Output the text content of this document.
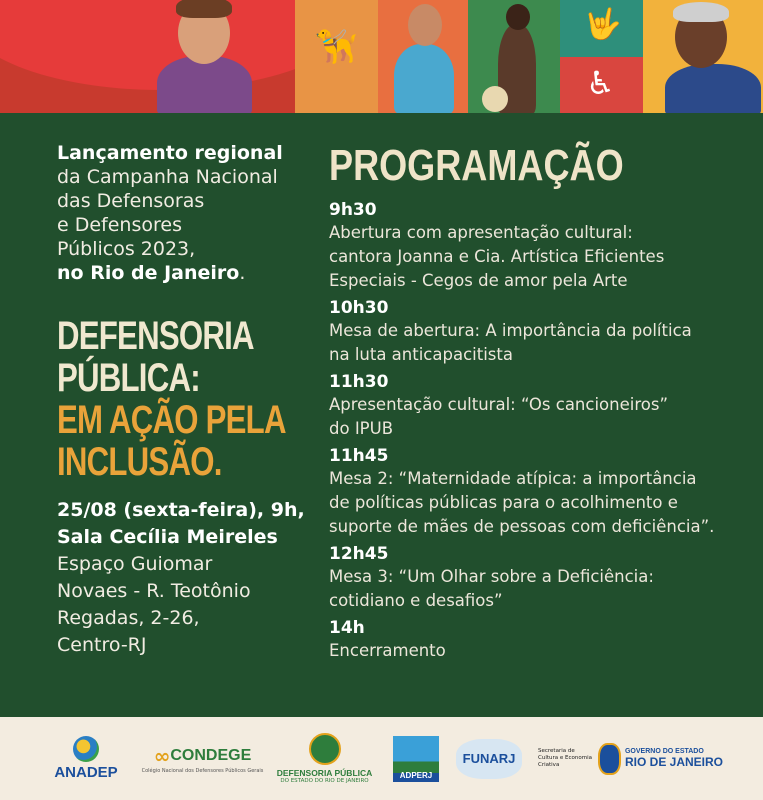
🦮
🤟
♿
Lançamento regional
da Campanha Nacional
das Defensoras
e Defensores
Públicos 2023,
no Rio de Janeiro.
DEFENSORIA
PÚBLICA:
EM AÇÃO PELA
INCLUSÃO.
25/08 (sexta-feira), 9h,
Sala Cecília Meireles
Espaço Guiomar
Novaes - R. Teotônio
Regadas, 2-26,
Centro-RJ
PROGRAMAÇÃO
9h30
Abertura com apresentação cultural:
cantora Joanna e Cia. Artística Eficientes
Especiais - Cegos de amor pela Arte
10h30
Mesa de abertura: A importância da política
na luta anticapacitista
11h30
Apresentação cultural: “Os cancioneiros”
do IPUB
11h45
Mesa 2: “Maternidade atípica: a importância
de políticas públicas para o acolhimento e
suporte de mães de pessoas com deficiência”.
12h45
Mesa 3: “Um Olhar sobre a Deficiência:
cotidiano e desafios”
14h
Encerramento
ANADEP
∞ CONDEGE
Colégio Nacional dos Defensores Públicos Gerais DEFENSORIA PÚBLICA
DO ESTADO DO RIO DE JANEIRO
ADPERJ
FUNARJ	Secretaria de
Cultura e Economia
Criativa
GOVERNO DO ESTADO
RIO DE JANEIRO
